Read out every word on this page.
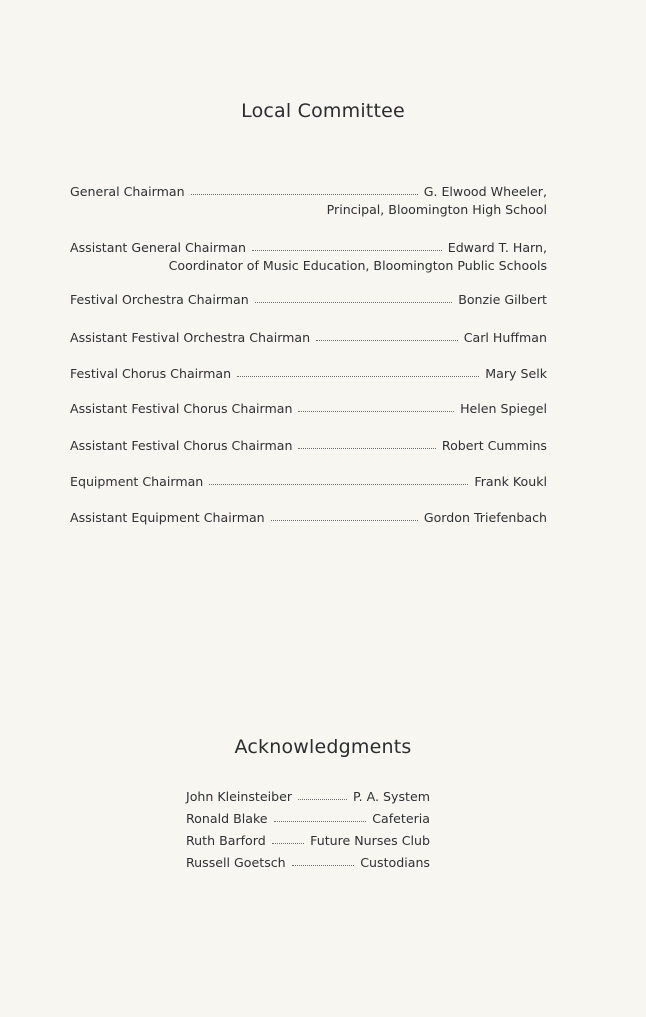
Local Committee
General Chairman	G. Elwood Wheeler,
Principal, Bloomington High School
Assistant General Chairman	Edward T. Harn,
Coordinator of Music Education, Bloomington Public Schools
Festival Orchestra Chairman	Bonzie Gilbert
Assistant Festival Orchestra Chairman	Carl Huffman
Festival Chorus Chairman	Mary Selk
Assistant Festival Chorus Chairman	Helen Spiegel
Assistant Festival Chorus Chairman	Robert Cummins
Equipment Chairman	Frank Koukl
Assistant Equipment Chairman	Gordon Triefenbach
Acknowledgments
John Kleinsteiber	P. A. System
Ronald Blake	Cafeteria
Ruth Barford	Future Nurses Club
Russell Goetsch	Custodians
